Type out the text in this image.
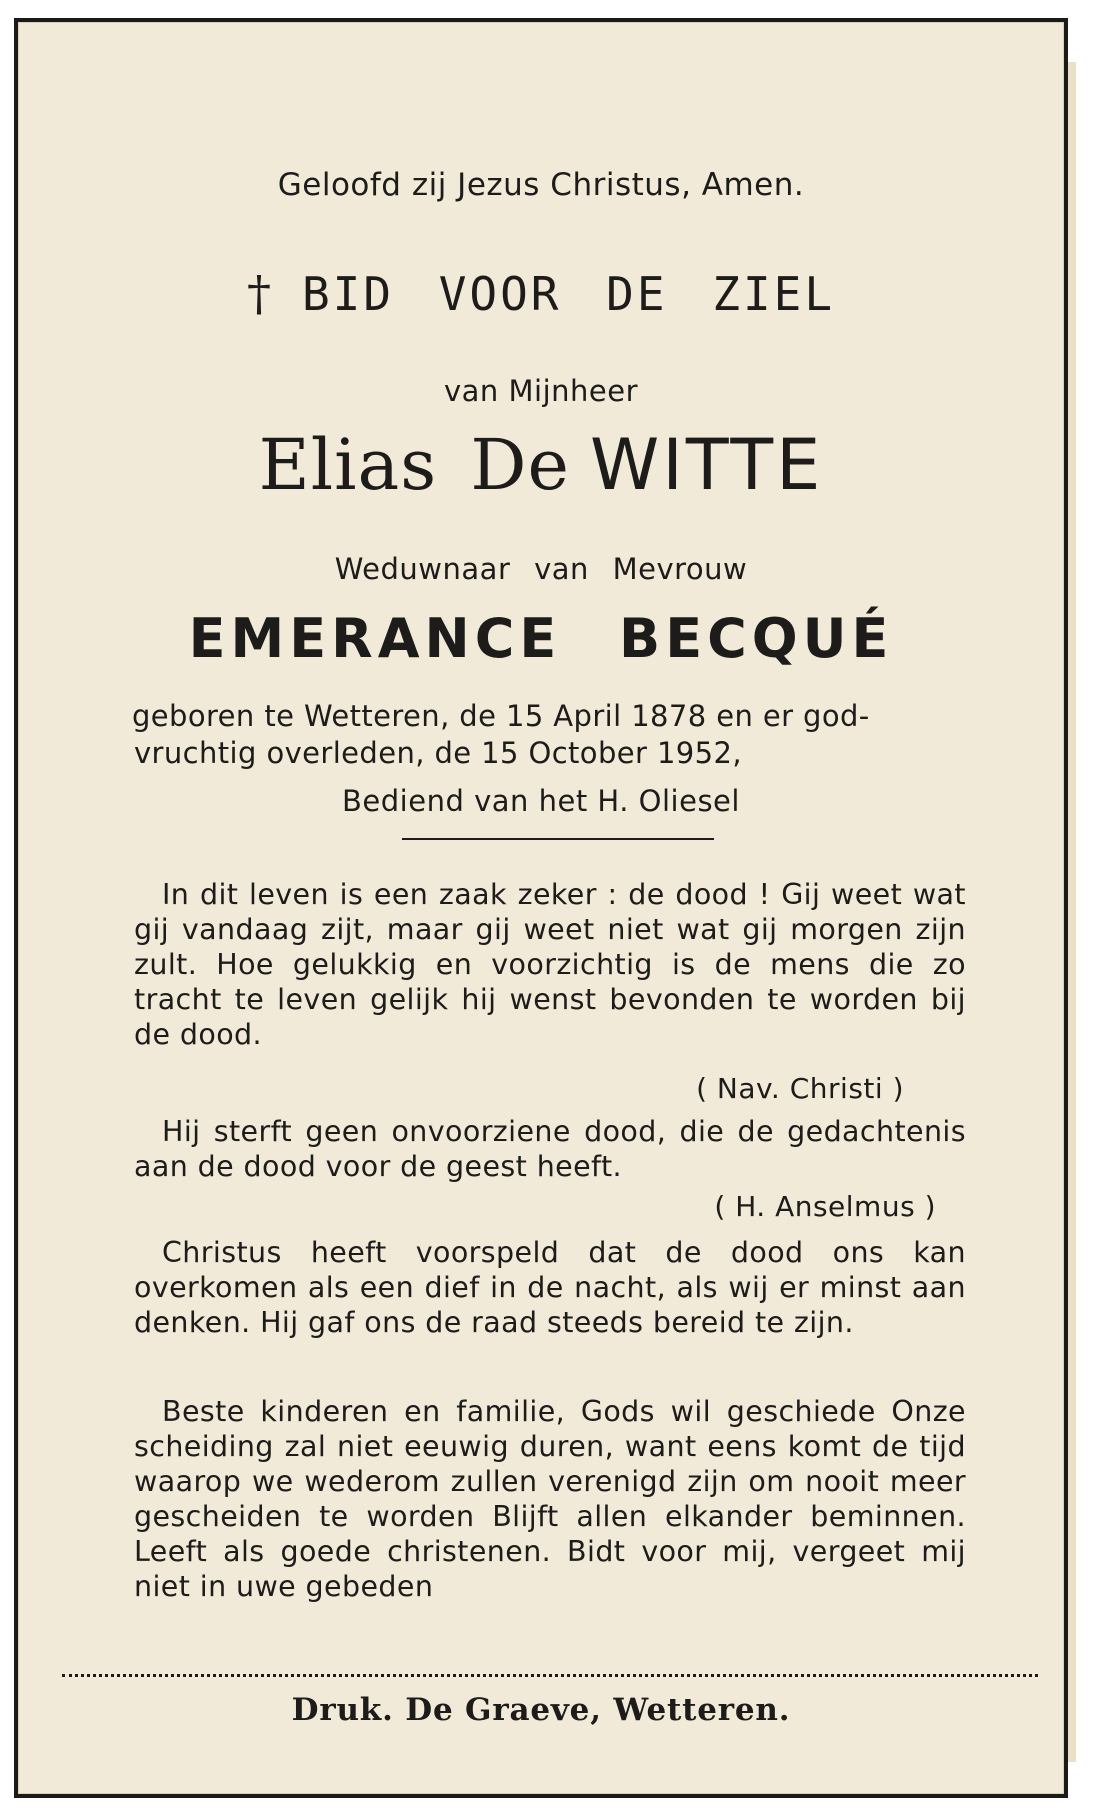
Geloofd zij Jezus Christus, Amen.

† BID VOOR DE ZIEL

van Mijnheer

Elias De WITTE

Weduwnaar van Mevrouw

EMERANCE BECQUÉ

geboren te Wetteren, de 15 April 1878 en er god-

vruchtig overleden, de 15 October 1952,

Bediend van het H. Oliesel

In dit leven is een zaak zeker : de dood ! Gij weet wat gij vandaag zijt, maar gij weet niet wat gij morgen zijn zult. Hoe gelukkig en voorzichtig is de mens die zo tracht te leven gelijk hij wenst bevonden te worden bij de dood.

( Nav. Christi )

Hij sterft geen onvoorziene dood, die de gedachtenis aan de dood voor de geest heeft.

( H. Anselmus )

Christus heeft voorspeld dat de dood ons kan overkomen als een dief in de nacht, als wij er minst aan denken. Hij gaf ons de raad steeds bereid te zijn.

Beste kinderen en familie, Gods wil geschiede Onze scheiding zal niet eeuwig duren, want eens komt de tijd waarop we wederom zullen verenigd zijn om nooit meer gescheiden te worden Blijft allen elkander beminnen. Leeft als goede christenen. Bidt voor mij, vergeet mij niet in uwe gebeden

Druk. De Graeve, Wetteren.
